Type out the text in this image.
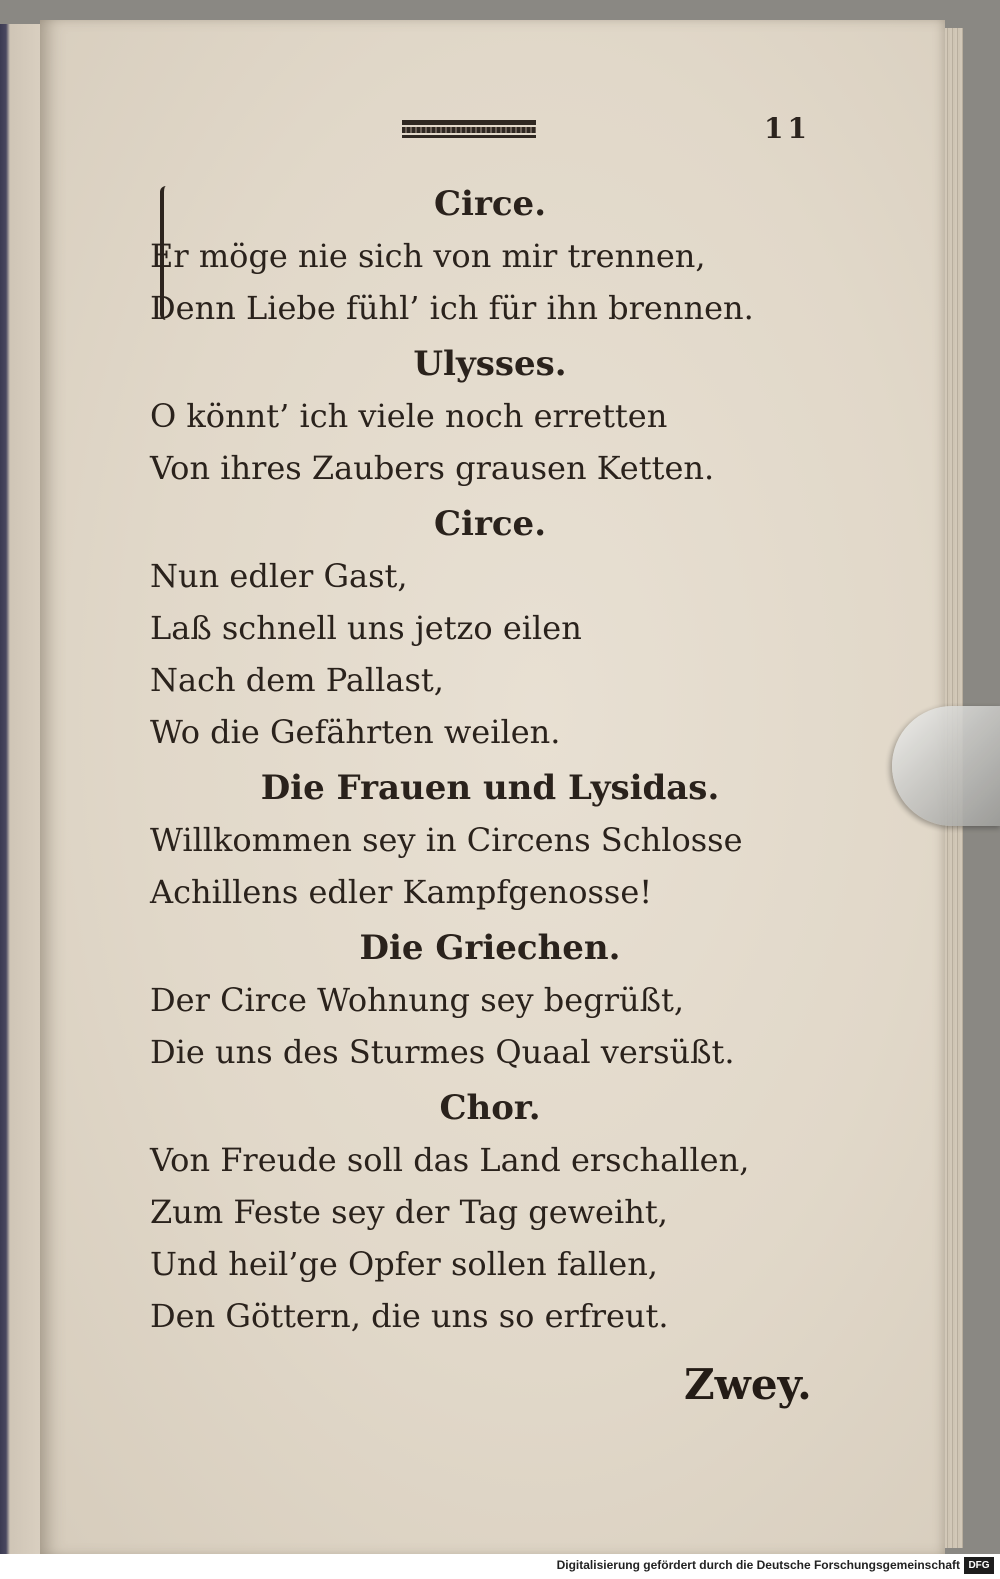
11
Circe.
Er möge nie sich von mir trennen,
Denn Liebe fühl’ ich für ihn brennen.
Ulysses.
O könnt’ ich viele noch erretten
Von ihres Zaubers grausen Ketten.
Circe.
Nun edler Gast,
Laß schnell uns jetzo eilen
Nach dem Pallast,
Wo die Gefährten weilen.
Die Frauen und Lysidas.
Willkommen sey in Circens Schlosse
Achillens edler Kampfgenosse!
Die Griechen.
Der Circe Wohnung sey begrüßt,
Die uns des Sturmes Quaal versüßt.
Chor.
Von Freude soll das Land erschallen,
Zum Feste sey der Tag geweiht,
Und heil’ge Opfer sollen fallen,
Den Göttern, die uns so erfreut.
Zwey.
Digitalisierung gefördert durch die Deutsche Forschungsgemeinschaft DFG
